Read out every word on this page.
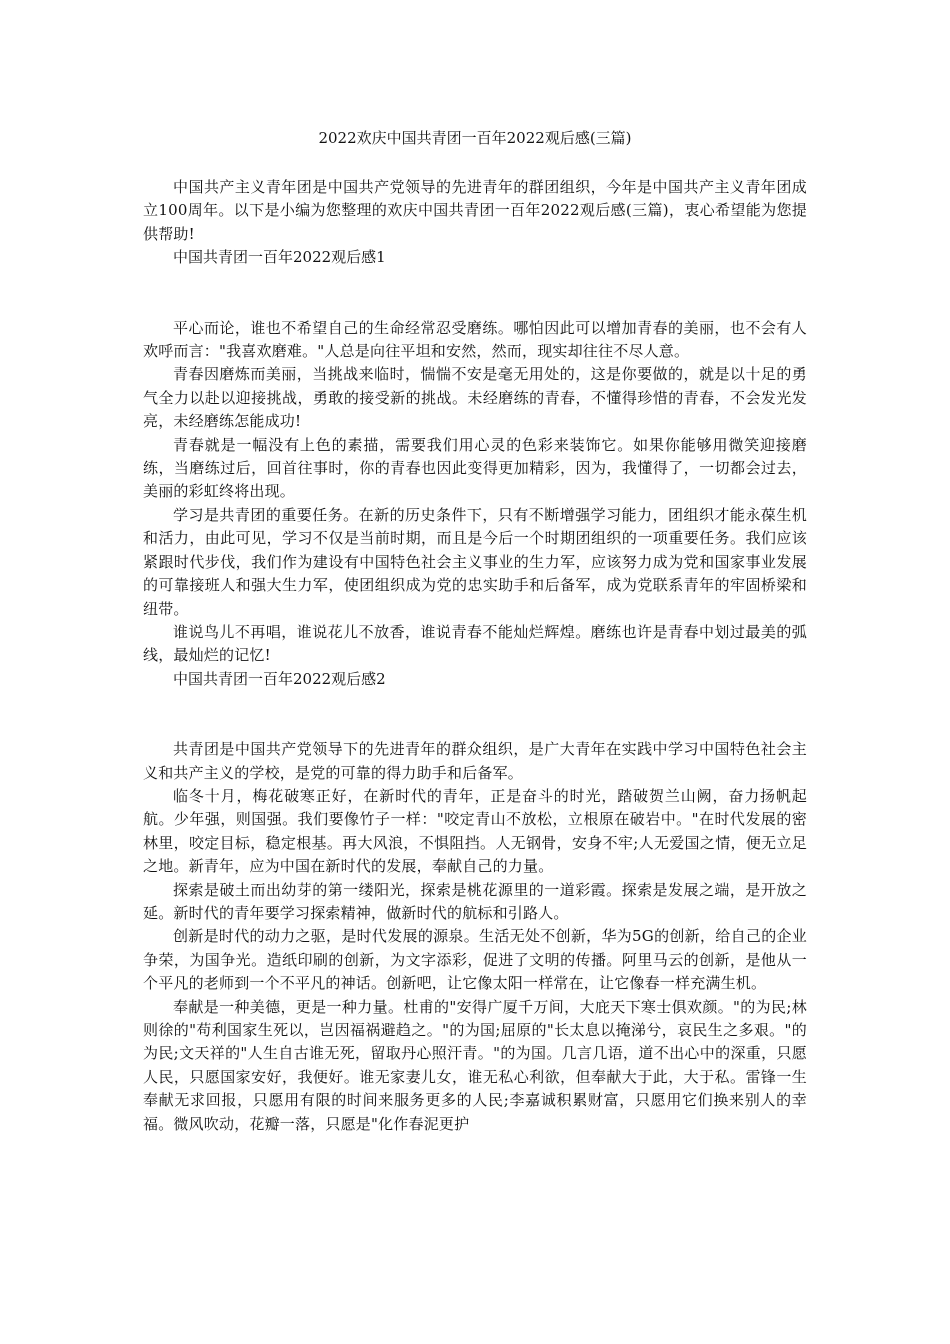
2022欢庆中国共青团一百年2022观后感(三篇)

中国共产主义青年团是中国共产党领导的先进青年的群团组织，今年是中国共产主义青年团成立100周年。以下是小编为您整理的欢庆中国共青团一百年2022观后感(三篇)，衷心希望能为您提供帮助!

中国共青团一百年2022观后感1

平心而论，谁也不希望自己的生命经常忍受磨练。哪怕因此可以增加青春的美丽，也不会有人欢呼而言："我喜欢磨难。"人总是向往平坦和安然，然而，现实却往往不尽人意。

青春因磨炼而美丽，当挑战来临时，惴惴不安是毫无用处的，这是你要做的，就是以十足的勇气全力以赴以迎接挑战，勇敢的接受新的挑战。未经磨练的青春，不懂得珍惜的青春，不会发光发亮，未经磨练怎能成功!

青春就是一幅没有上色的素描，需要我们用心灵的色彩来装饰它。如果你能够用微笑迎接磨练，当磨练过后，回首往事时，你的青春也因此变得更加精彩，因为，我懂得了，一切都会过去，美丽的彩虹终将出现。

学习是共青团的重要任务。在新的历史条件下，只有不断增强学习能力，团组织才能永葆生机和活力，由此可见，学习不仅是当前时期，而且是今后一个时期团组织的一项重要任务。我们应该紧跟时代步伐，我们作为建设有中国特色社会主义事业的生力军，应该努力成为党和国家事业发展的可靠接班人和强大生力军，使团组织成为党的忠实助手和后备军，成为党联系青年的牢固桥梁和纽带。

谁说鸟儿不再唱，谁说花儿不放香，谁说青春不能灿烂辉煌。磨练也许是青春中划过最美的弧线，最灿烂的记忆!

中国共青团一百年2022观后感2

共青团是中国共产党领导下的先进青年的群众组织，是广大青年在实践中学习中国特色社会主义和共产主义的学校，是党的可靠的得力助手和后备军。

临冬十月，梅花破寒正好，在新时代的青年，正是奋斗的时光，踏破贺兰山阙，奋力扬帆起航。少年强，则国强。我们要像竹子一样："咬定青山不放松，立根原在破岩中。"在时代发展的密林里，咬定目标，稳定根基。再大风浪，不惧阻挡。人无钢骨，安身不牢;人无爱国之情，便无立足之地。新青年，应为中国在新时代的发展，奉献自己的力量。

探索是破土而出幼芽的第一缕阳光，探索是桃花源里的一道彩霞。探索是发展之端，是开放之延。新时代的青年要学习探索精神，做新时代的航标和引路人。

创新是时代的动力之驱，是时代发展的源泉。生活无处不创新，华为5G的创新，给自己的企业争荣，为国争光。造纸印刷的创新，为文字添彩，促进了文明的传播。阿里马云的创新，是他从一个平凡的老师到一个不平凡的神话。创新吧，让它像太阳一样常在，让它像春一样充满生机。

奉献是一种美德，更是一种力量。杜甫的"安得广厦千万间，大庇天下寒士俱欢颜。"的为民;林则徐的"苟利国家生死以，岂因福祸避趋之。"的为国;屈原的"长太息以掩涕兮，哀民生之多艰。"的为民;文天祥的"人生自古谁无死，留取丹心照汗青。"的为国。几言几语，道不出心中的深重，只愿人民，只愿国家安好，我便好。谁无家妻儿女，谁无私心利欲，但奉献大于此，大于私。雷锋一生奉献无求回报，只愿用有限的时间来服务更多的人民;李嘉诚积累财富，只愿用它们换来别人的幸福。微风吹动，花瓣一落，只愿是"化作春泥更护
